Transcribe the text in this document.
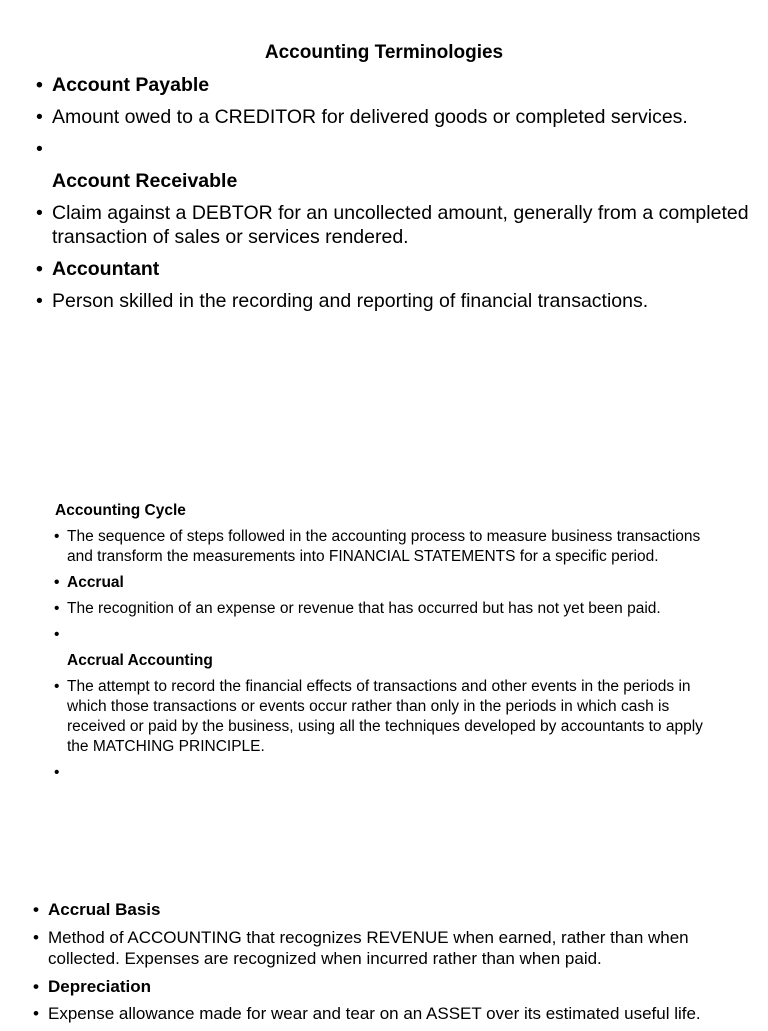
Accounting Terminologies
• Account Payable
• Amount owed to a CREDITOR for delivered goods or completed services.
•
Account Receivable
• Claim against a DEBTOR for an uncollected amount, generally from a completed transaction of sales or services rendered.
• Accountant
• Person skilled in the recording and reporting of financial transactions.
Accounting Cycle
• The sequence of steps followed in the accounting process to measure business transactions and transform the measurements into FINANCIAL STATEMENTS for a specific period.
• Accrual
• The recognition of an expense or revenue that has occurred but has not yet been paid.
•
Accrual Accounting
• The attempt to record the financial effects of transactions and other events in the periods in which those transactions or events occur rather than only in the periods in which cash is received or paid by the business, using all the techniques developed by accountants to apply the MATCHING PRINCIPLE.
•
• Accrual Basis
• Method of ACCOUNTING that recognizes REVENUE when earned, rather than when collected. Expenses are recognized when incurred rather than when paid.
• Depreciation
• Expense allowance made for wear and tear on an ASSET over its estimated useful life.
